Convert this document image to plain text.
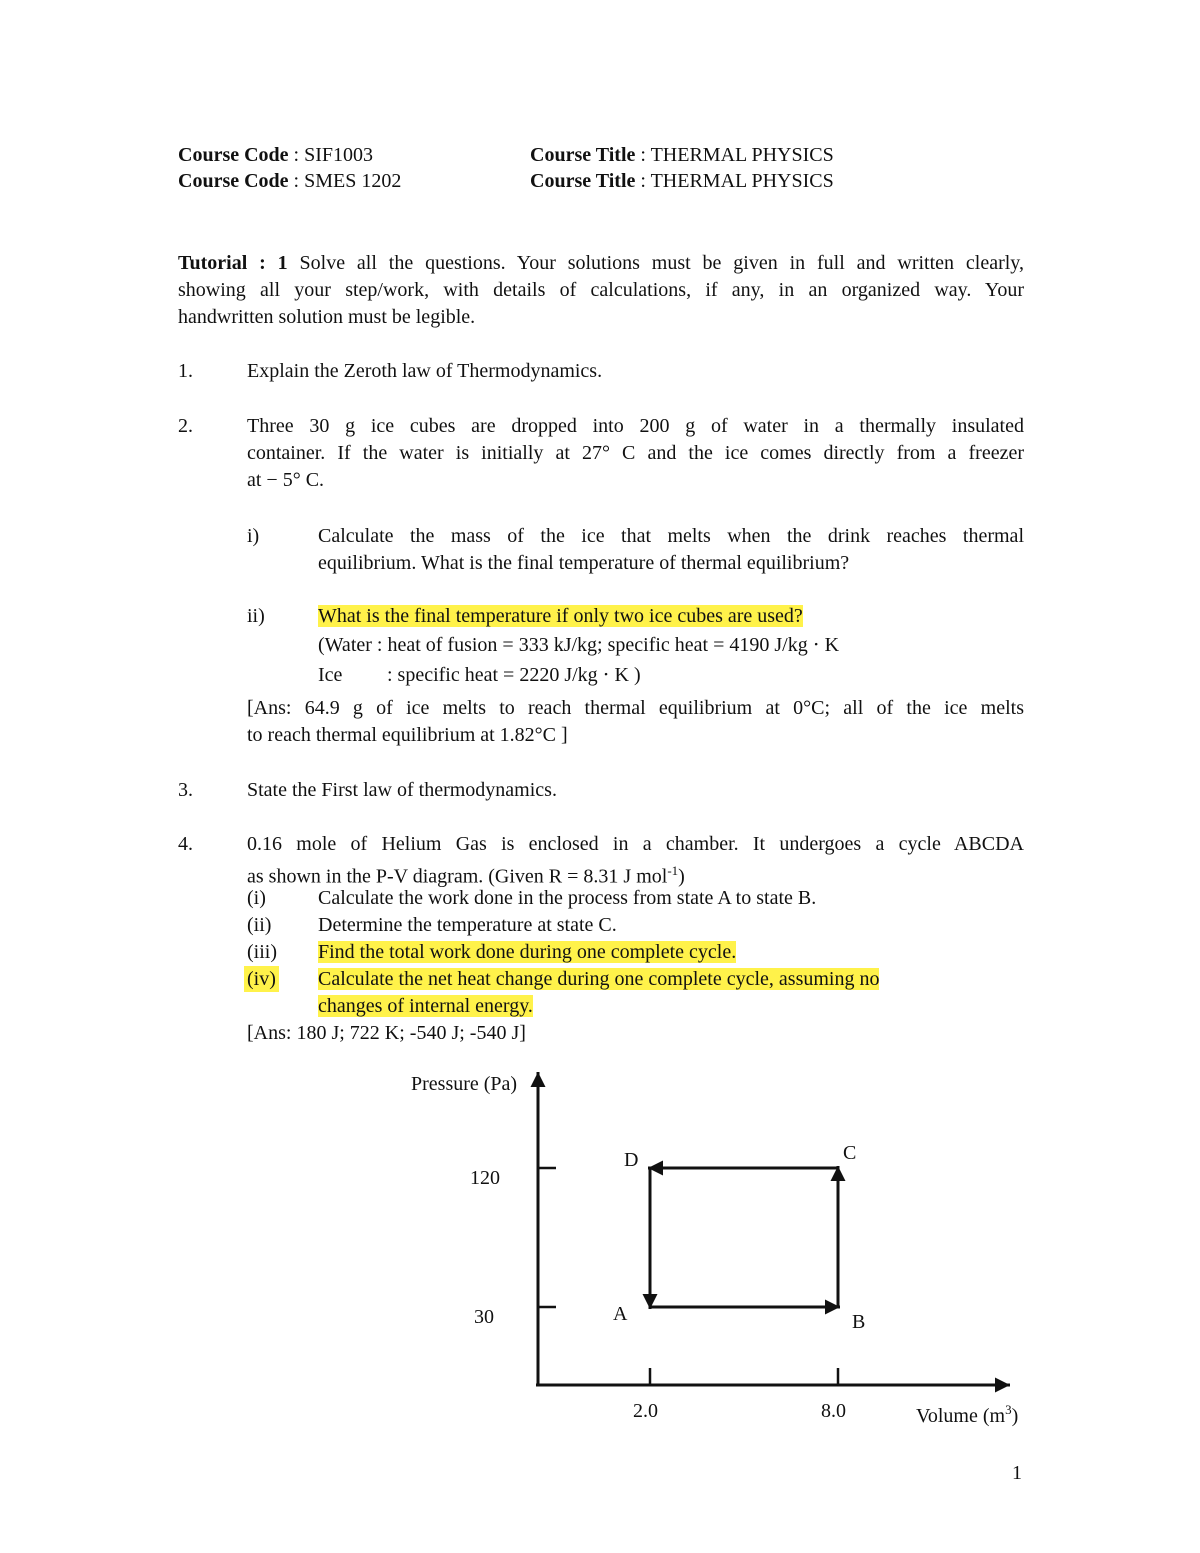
Course Code : SIF1003	Course Title : THERMAL PHYSICS
Course Code : SMES 1202	Course Title : THERMAL PHYSICS
Tutorial : 1 Solve all the questions. Your solutions must be given in full and written clearly,
showing all your step/work, with details of calculations, if any, in an organized way. Your
handwritten solution must be legible.
1.	Explain the Zeroth law of Thermodynamics.
2.	Three 30 g ice cubes are dropped into 200 g of water in a thermally insulated
container. If the water is initially at 27° C and the ice comes directly from a freezer
at − 5° C.
i)	Calculate the mass of the ice that melts when the drink reaches thermal
equilibrium. What is the final temperature of thermal equilibrium?
ii)	What is the final temperature if only two ice cubes are used?
(Water : heat of fusion = 333 kJ/kg; specific heat = 4190 J/kg ⋅ K
Ice : specific heat = 2220 J/kg ⋅ K )
[Ans: 64.9 g of ice melts to reach thermal equilibrium at 0°C; all of the ice melts
to reach thermal equilibrium at 1.82°C ]
3.	State the First law of thermodynamics.
4.	0.16 mole of Helium Gas is enclosed in a chamber. It undergoes a cycle ABCDA
as shown in the P-V diagram. (Given R = 8.31 J mol$^{-1}$)
(i)	Calculate the work done in the process from state A to state B.
(ii) Determine the temperature at state C.
(iii) Find the total work done during one complete cycle.
(iv) Calculate the net heat change during one complete cycle, assuming no
changes of internal energy.
[Ans: 180 J; 722 K; -540 J; -540 J]
Pressure (Pa)
120
30
2.0	8.0	Volume $(m^3)$
D	C
A	B
1
